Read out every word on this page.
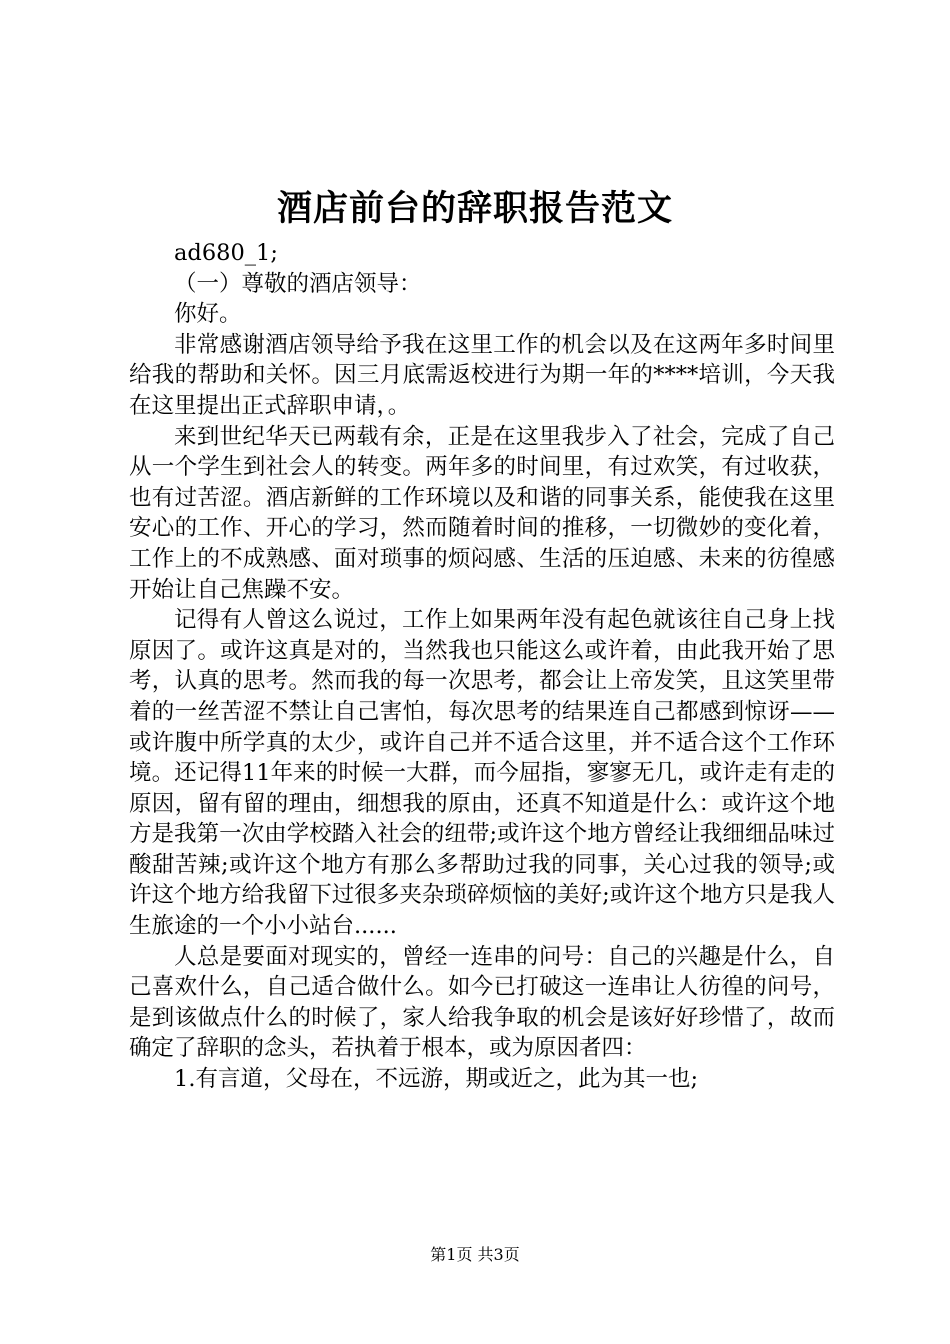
酒店前台的辞职报告范文

ad680_1;

（一）尊敬的酒店领导：

你好。

非常感谢酒店领导给予我在这里工作的机会以及在这两年多时间里给我的帮助和关怀。因三月底需返校进行为期一年的****培训，今天我在这里提出正式辞职申请，。

来到世纪华天已两载有余，正是在这里我步入了社会，完成了自己从一个学生到社会人的转变。两年多的时间里，有过欢笑，有过收获，也有过苦涩。酒店新鲜的工作环境以及和谐的同事关系，能使我在这里安心的工作、开心的学习，然而随着时间的推移，一切微妙的变化着，工作上的不成熟感、面对琐事的烦闷感、生活的压迫感、未来的彷徨感开始让自己焦躁不安。

记得有人曾这么说过，工作上如果两年没有起色就该往自己身上找原因了。或许这真是对的，当然我也只能这么或许着，由此我开始了思考，认真的思考。然而我的每一次思考，都会让上帝发笑，且这笑里带着的一丝苦涩不禁让自己害怕，每次思考的结果连自己都感到惊讶——或许腹中所学真的太少，或许自己并不适合这里，并不适合这个工作环境。还记得11年来的时候一大群，而今屈指，寥寥无几，或许走有走的原因，留有留的理由，细想我的原由，还真不知道是什么：或许这个地方是我第一次由学校踏入社会的纽带;或许这个地方曾经让我细细品味过酸甜苦辣;或许这个地方有那么多帮助过我的同事，关心过我的领导;或许这个地方给我留下过很多夹杂琐碎烦恼的美好;或许这个地方只是我人生旅途的一个小小站台......

人总是要面对现实的，曾经一连串的问号：自己的兴趣是什么，自己喜欢什么，自己适合做什么。如今已打破这一连串让人彷徨的问号，是到该做点什么的时候了，家人给我争取的机会是该好好珍惜了，故而确定了辞职的念头，若执着于根本，或为原因者四：

1.有言道，父母在，不远游，期或近之，此为其一也;

第1页 共3页
